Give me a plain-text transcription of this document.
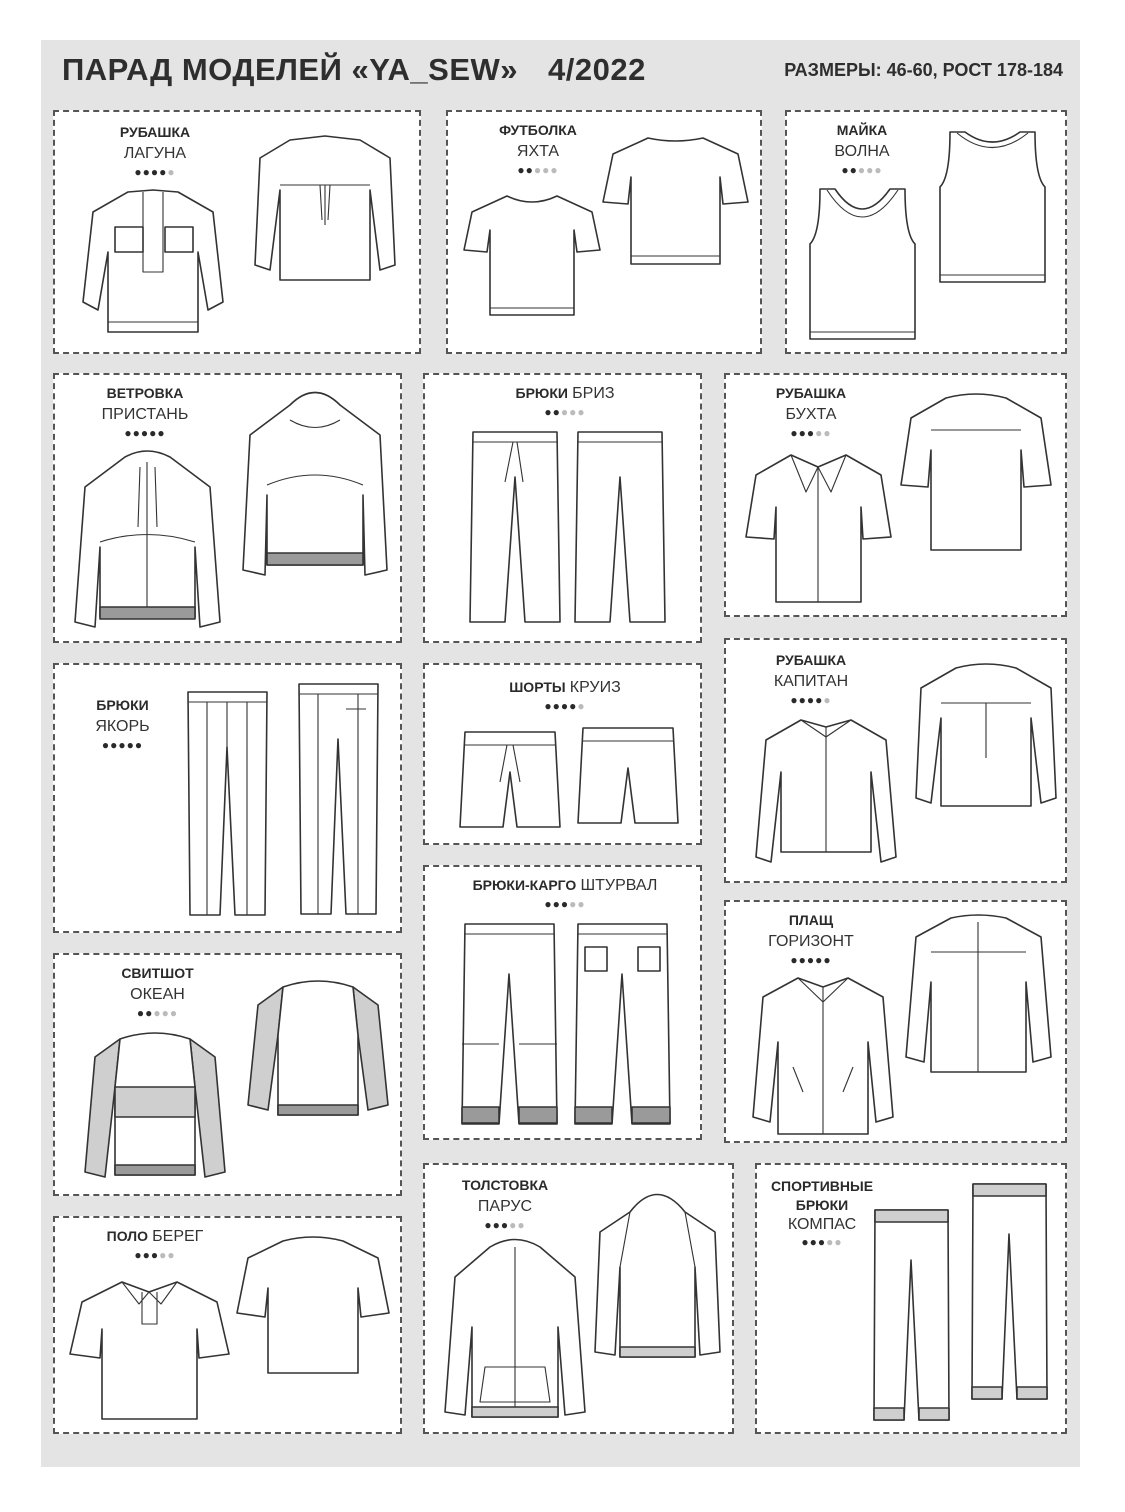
ПАРАД МОДЕЛЕЙ «YA_SEW» 4/2022	РАЗМЕРЫ: 46-60, РОСТ 178-184
РУБАШКА
ЛАГУНА
●●●●●
ФУТБОЛКА
ЯХТА
●●●●●
МАЙКА
ВОЛНА
●●●●●
ВЕТРОВКА
ПРИСТАНЬ
●●●●●
БРЮКИ БРИЗ
●●●●●
РУБАШКА
БУХТА
●●●●●
БРЮКИ
ЯКОРЬ
●●●●●
ШОРТЫ КРУИЗ
●●●●●
РУБАШКА
КАПИТАН
●●●●●
БРЮКИ-КАРГО ШТУРВАЛ
●●●●●
СВИТШОТ
ОКЕАН
●●●●●
ПЛАЩ
ГОРИЗОНТ
●●●●●
ПОЛО БЕРЕГ
●●●●●
ТОЛСТОВКА
ПАРУС
●●●●●
СПОРТИВНЫЕ
БРЮКИ
КОМПАС
●●●●●
